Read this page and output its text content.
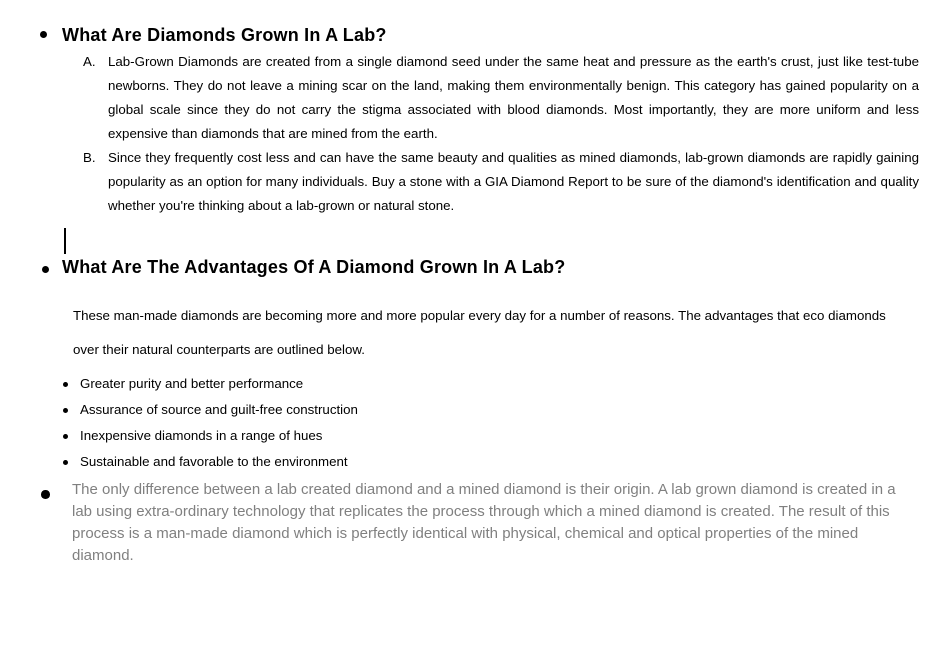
What Are Diamonds Grown In A Lab?
A. Lab-Grown Diamonds are created from a single diamond seed under the same heat and pressure as the earth's crust, just like test-tube newborns. They do not leave a mining scar on the land, making them environmentally benign. This category has gained popularity on a global scale since they do not carry the stigma associated with blood diamonds. Most importantly, they are more uniform and less expensive than diamonds that are mined from the earth.

B. Since they frequently cost less and can have the same beauty and qualities as mined diamonds, lab-grown diamonds are rapidly gaining popularity as an option for many individuals. Buy a stone with a GIA Diamond Report to be sure of the diamond's identification and quality whether you're thinking about a lab-grown or natural stone.

What Are The Advantages Of A Diamond Grown In A Lab?

These man-made diamonds are becoming more and more popular every day for a number of reasons. The advantages that eco diamonds over their natural counterparts are outlined below.

Greater purity and better performance
Assurance of source and guilt-free construction
Inexpensive diamonds in a range of hues
Sustainable and favorable to the environment

The only difference between a lab created diamond and a mined diamond is their origin. A lab grown diamond is created in a lab using extra-ordinary technology that replicates the process through which a mined diamond is created. The result of this process is a man-made diamond which is perfectly identical with physical, chemical and optical properties of the mined diamond.
